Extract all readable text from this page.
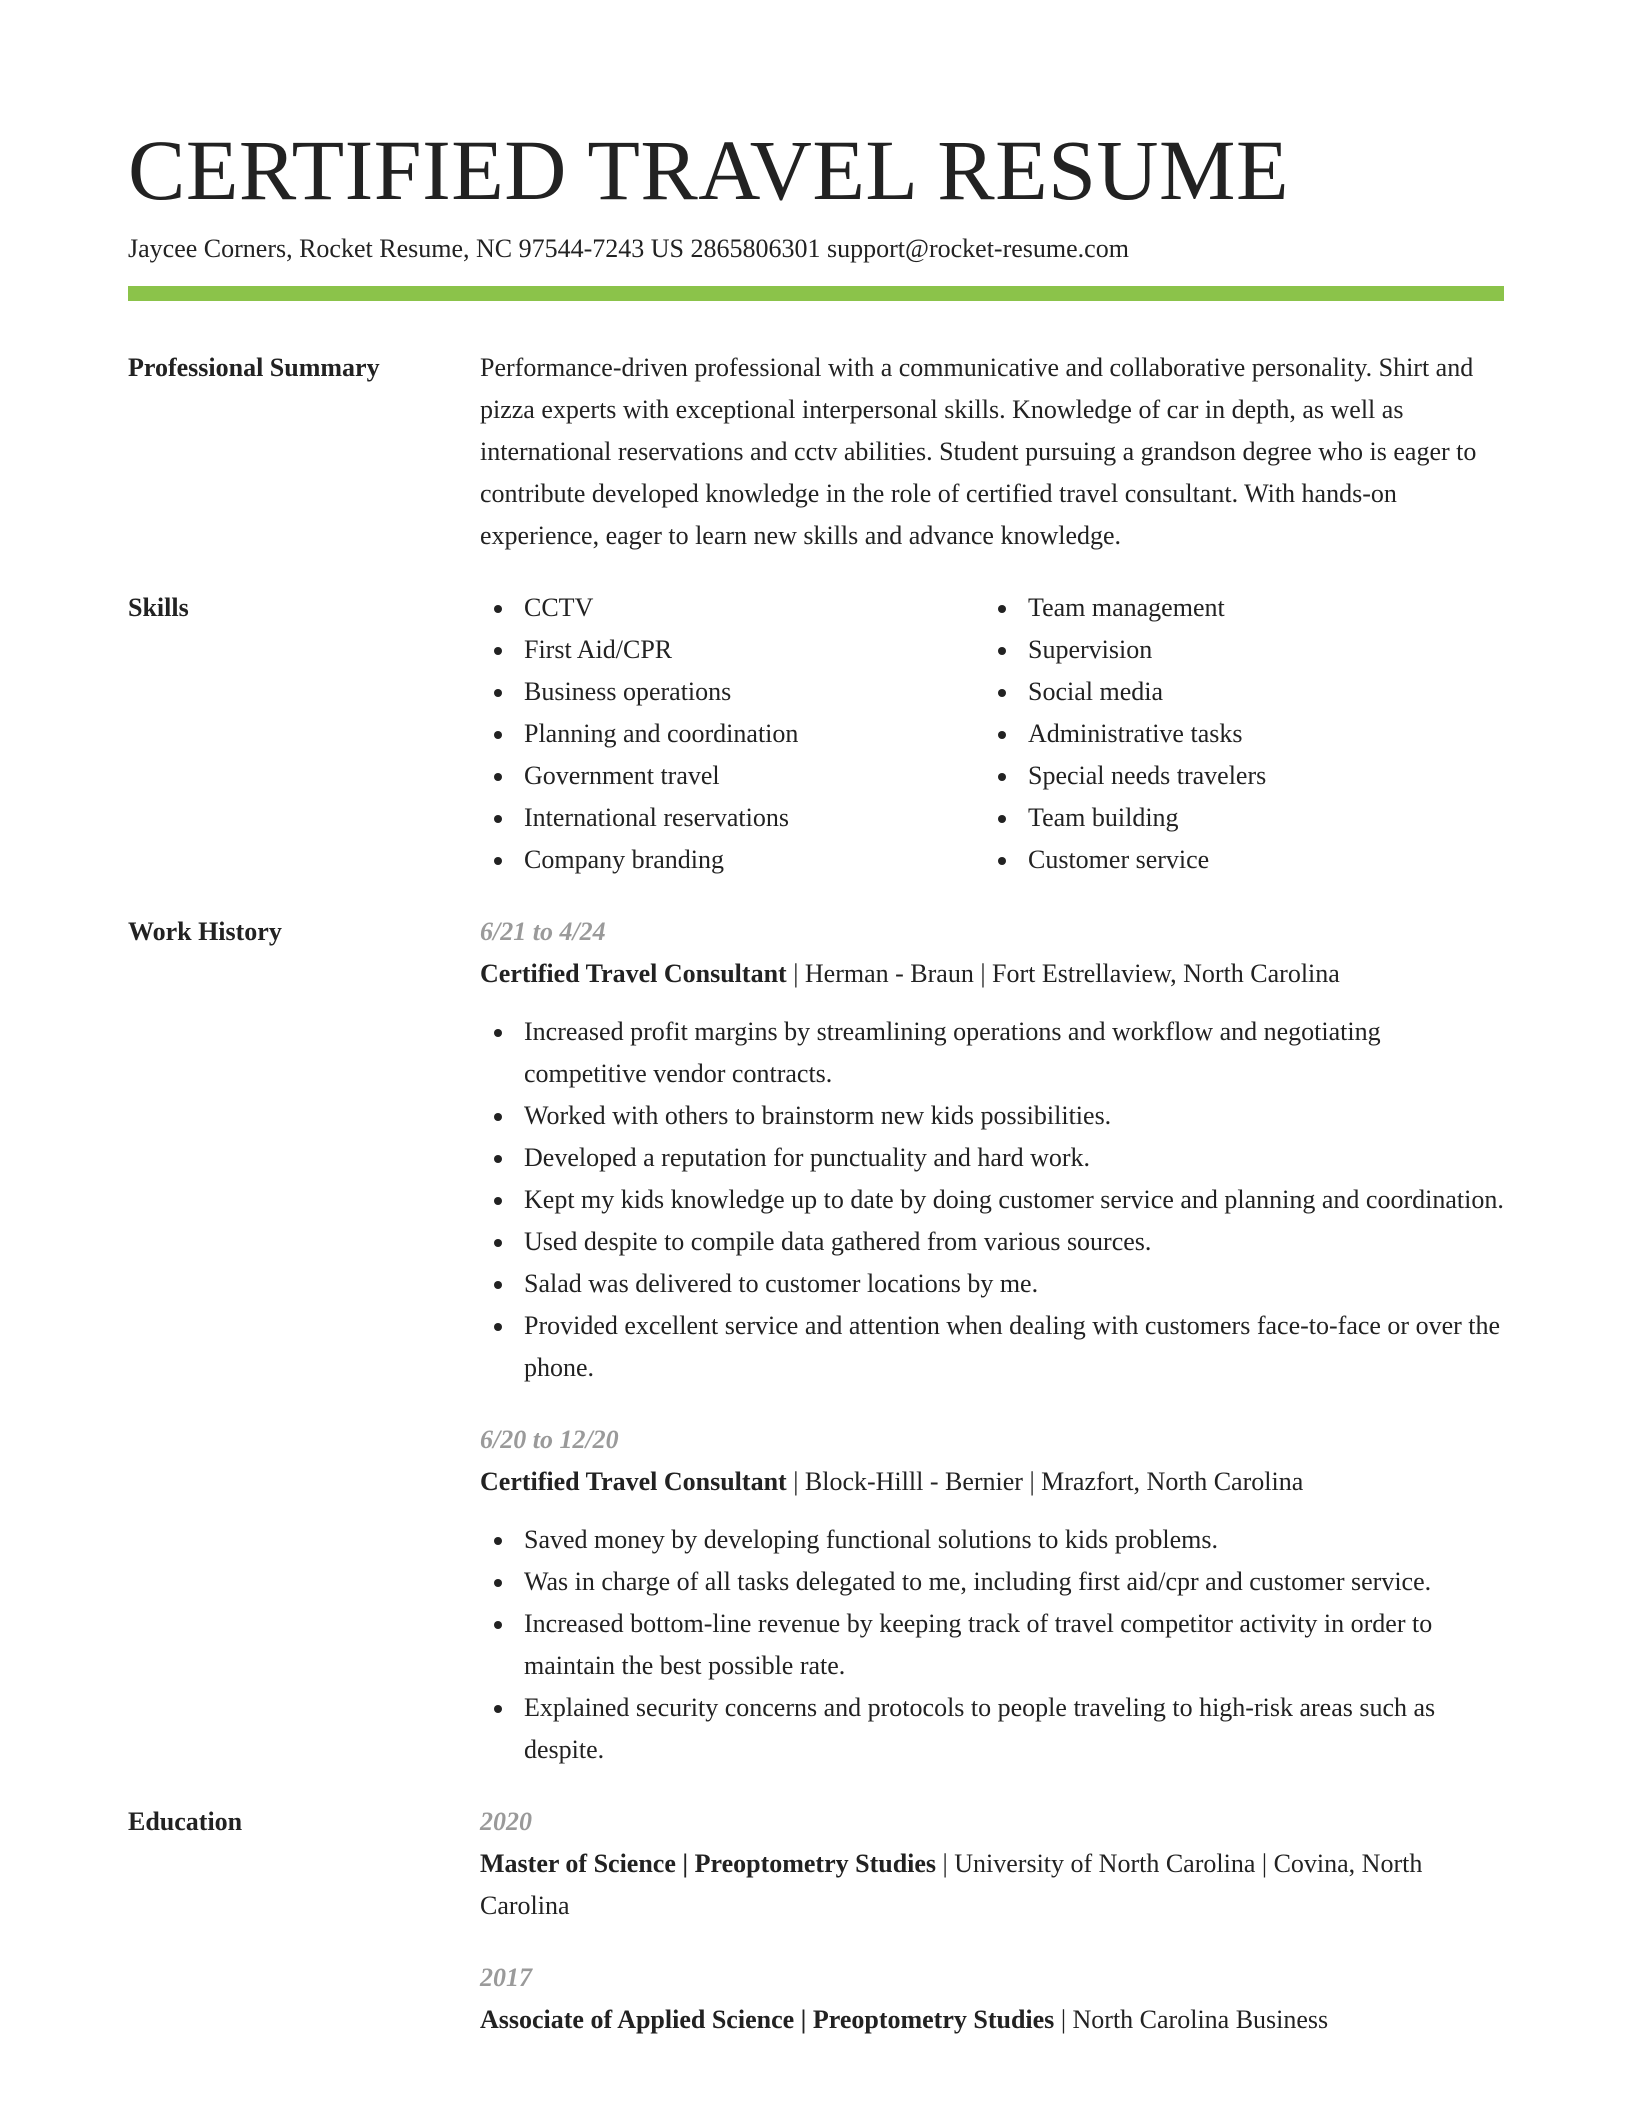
CERTIFIED TRAVEL RESUME
Jaycee Corners, Rocket Resume, NC 97544-7243 US 2865806301 support@rocket-resume.com
Professional Summary	Performance-driven professional with a communicative and collaborative personality. Shirt and pizza experts with exceptional interpersonal skills. Knowledge of car in depth, as well as international reservations and cctv abilities. Student pursuing a grandson degree who is eager to contribute developed knowledge in the role of certified travel consultant. With hands-on experience, eager to learn new skills and advance knowledge.
Skills	CCTV
First Aid/CPR
Business operations
Planning and coordination
Government travel
International reservations
Company branding
Team management
Supervision
Social media
Administrative tasks
Special needs travelers
Team building
Customer service
Work History	6/21 to 4/24
Certified Travel Consultant | Herman - Braun | Fort Estrellaview, North Carolina
Increased profit margins by streamlining operations and workflow and negotiating competitive vendor contracts.
Worked with others to brainstorm new kids possibilities.
Developed a reputation for punctuality and hard work.
Kept my kids knowledge up to date by doing customer service and planning and coordination.
Used despite to compile data gathered from various sources.
Salad was delivered to customer locations by me.
Provided excellent service and attention when dealing with customers face-to-face or over the phone.
6/20 to 12/20
Certified Travel Consultant | Block-Hilll - Bernier | Mrazfort, North Carolina
Saved money by developing functional solutions to kids problems.
Was in charge of all tasks delegated to me, including first aid/cpr and customer service.
Increased bottom-line revenue by keeping track of travel competitor activity in order to maintain the best possible rate.
Explained security concerns and protocols to people traveling to high-risk areas such as despite.
Education	2020
Master of Science | Preoptometry Studies | University of North Carolina | Covina, North Carolina
2017
Associate of Applied Science | Preoptometry Studies | North Carolina Business
